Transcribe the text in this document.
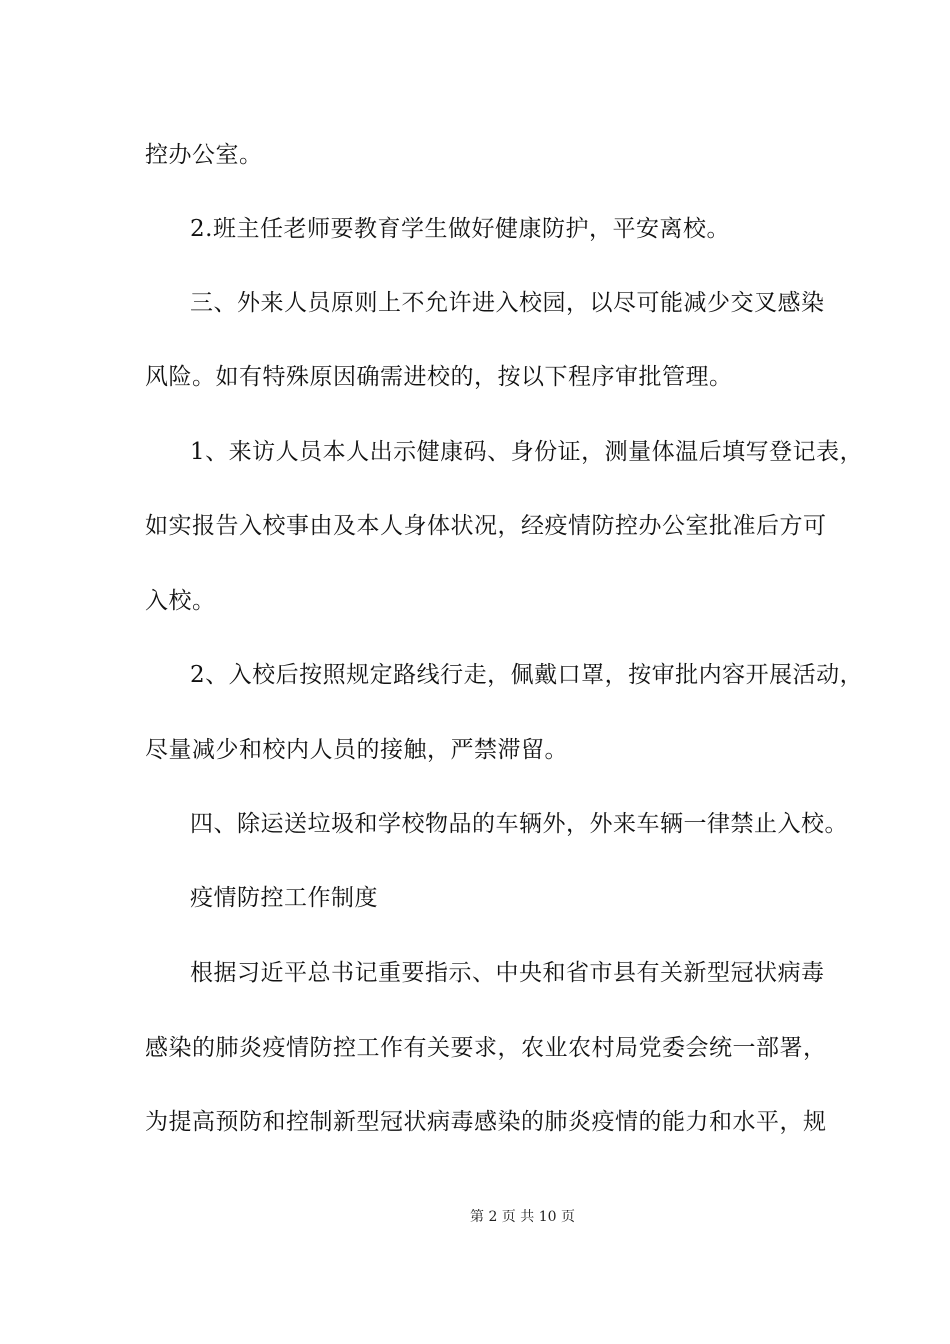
控办公室。
2.班主任老师要教育学生做好健康防护，平安离校。
三、外来人员原则上不允许进入校园，以尽可能减少交叉感染
风险。如有特殊原因确需进校的，按以下程序审批管理。
1、来访人员本人出示健康码、身份证，测量体温后填写登记表，
如实报告入校事由及本人身体状况，经疫情防控办公室批准后方可
入校。
2、入校后按照规定路线行走，佩戴口罩，按审批内容开展活动，
尽量减少和校内人员的接触，严禁滞留。
四、除运送垃圾和学校物品的车辆外，外来车辆一律禁止入校。
疫情防控工作制度
根据习近平总书记重要指示、中央和省市县有关新型冠状病毒
感染的肺炎疫情防控工作有关要求，农业农村局党委会统一部署，
为提高预防和控制新型冠状病毒感染的肺炎疫情的能力和水平，规
第 2 页 共 10 页
